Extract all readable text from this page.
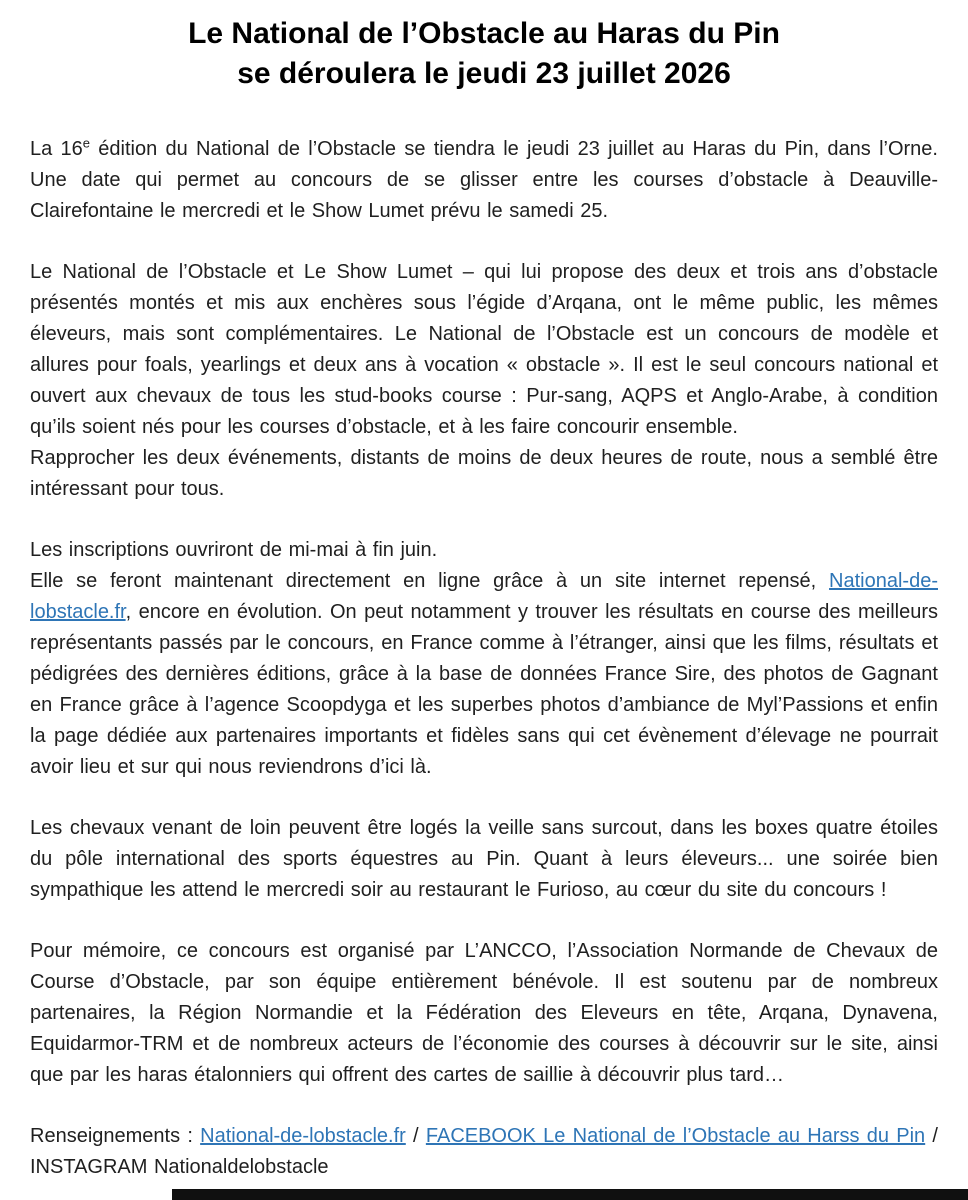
Le National de l’Obstacle au Haras du Pin
se déroulera le jeudi 23 juillet 2026

La 16e édition du National de l’Obstacle se tiendra le jeudi 23 juillet au Haras du Pin, dans l’Orne. Une date qui permet au concours de se glisser entre les courses d’obstacle à Deauville-Clairefontaine le mercredi et le Show Lumet prévu le samedi 25.

Le National de l’Obstacle et Le Show Lumet – qui lui propose des deux et trois ans d’obstacle présentés montés et mis aux enchères sous l’égide d’Arqana, ont le même public, les mêmes éleveurs, mais sont complémentaires. Le National de l’Obstacle est un concours de modèle et allures pour foals, yearlings et deux ans à vocation « obstacle ». Il est le seul concours national et ouvert aux chevaux de tous les stud-books course : Pur-sang, AQPS et Anglo-Arabe, à condition qu’ils soient nés pour les courses d’obstacle, et à les faire concourir ensemble.
Rapprocher les deux événements, distants de moins de deux heures de route, nous a semblé être intéressant pour tous.

Les inscriptions ouvriront de mi-mai à fin juin.
Elle se feront maintenant directement en ligne grâce à un site internet repensé, National-de-lobstacle.fr, encore en évolution. On peut notamment y trouver les résultats en course des meilleurs représentants passés par le concours, en France comme à l’étranger, ainsi que les films, résultats et pédigrées des dernières éditions, grâce à la base de données France Sire, des photos de Gagnant en France grâce à l’agence Scoopdyga et les superbes photos d’ambiance de Myl’Passions et enfin la page dédiée aux partenaires importants et fidèles sans qui cet évènement d’élevage ne pourrait avoir lieu et sur qui nous reviendrons d’ici là.

Les chevaux venant de loin peuvent être logés la veille sans surcout, dans les boxes quatre étoiles du pôle international des sports équestres au Pin. Quant à leurs éleveurs... une soirée bien sympathique les attend le mercredi soir au restaurant le Furioso, au cœur du site du concours !

Pour mémoire, ce concours est organisé par L’ANCCO, l’Association Normande de Chevaux de Course d’Obstacle, par son équipe entièrement bénévole. Il est soutenu par de nombreux partenaires, la Région Normandie et la Fédération des Eleveurs en tête, Arqana, Dynavena, Equidarmor-TRM et de nombreux acteurs de l’économie des courses à découvrir sur le site, ainsi que par les haras étalonniers qui offrent des cartes de saillie à découvrir plus tard…

Renseignements : National-de-lobstacle.fr / FACEBOOK Le National de l’Obstacle au Harss du Pin / INSTAGRAM Nationaldelobstacle
